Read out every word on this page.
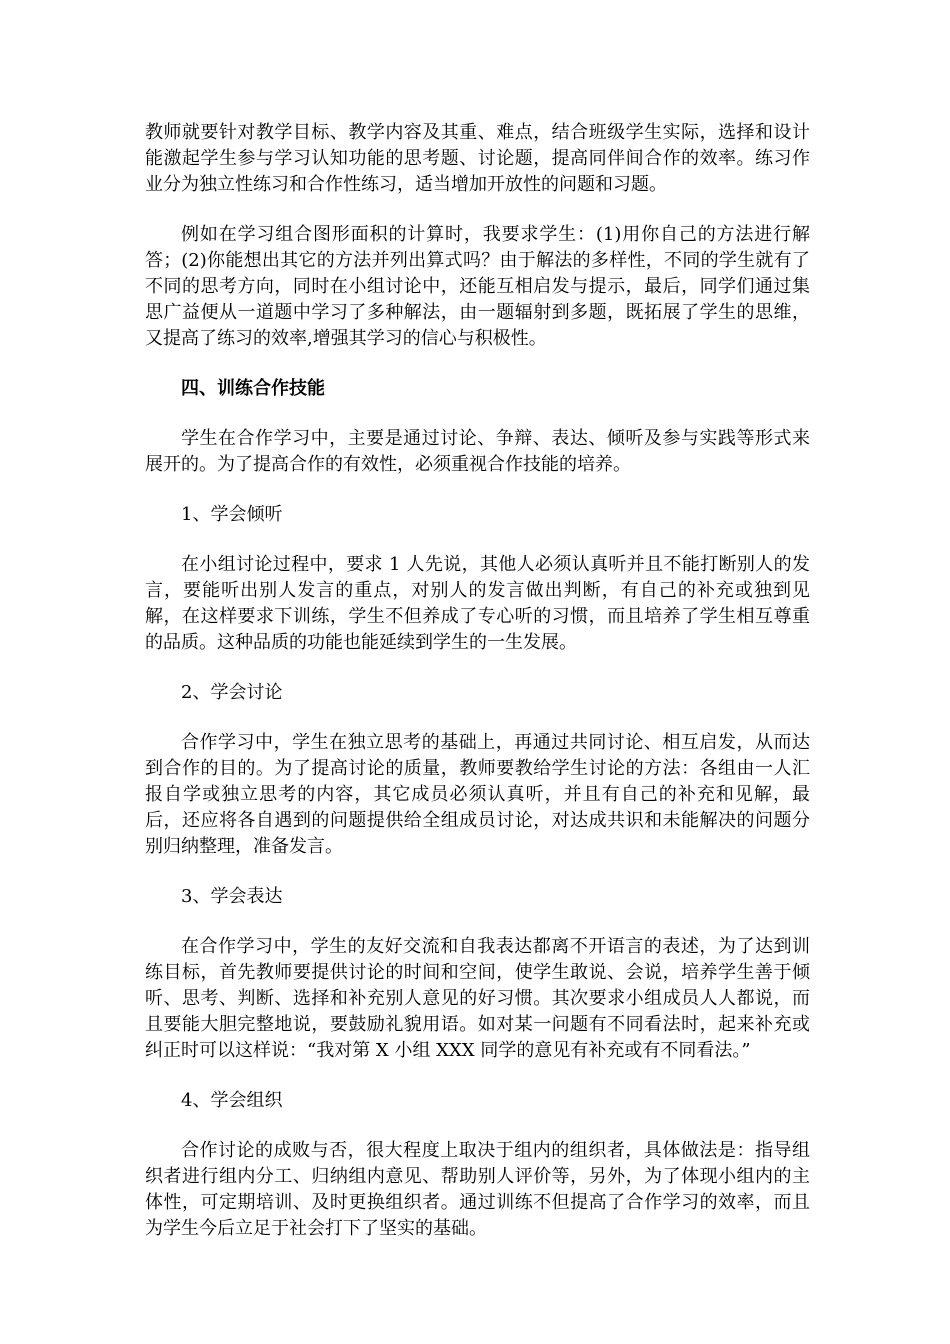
教师就要针对教学目标、教学内容及其重、难点，结合班级学生实际，选择和设计能激起学生参与学习认知功能的思考题、讨论题，提高同伴间合作的效率。练习作业分为独立性练习和合作性练习，适当增加开放性的问题和习题。

例如在学习组合图形面积的计算时，我要求学生：(1)用你自己的方法进行解答；(2)你能想出其它的方法并列出算式吗？由于解法的多样性，不同的学生就有了不同的思考方向，同时在小组讨论中，还能互相启发与提示，最后，同学们通过集思广益便从一道题中学习了多种解法，由一题辐射到多题，既拓展了学生的思维，又提高了练习的效率,增强其学习的信心与积极性。

四、训练合作技能

学生在合作学习中，主要是通过讨论、争辩、表达、倾听及参与实践等形式来展开的。为了提高合作的有效性，必须重视合作技能的培养。

1、学会倾听

在小组讨论过程中，要求 1 人先说，其他人必须认真听并且不能打断别人的发言，要能听出别人发言的重点，对别人的发言做出判断，有自己的补充或独到见解，在这样要求下训练，学生不但养成了专心听的习惯，而且培养了学生相互尊重的品质。这种品质的功能也能延续到学生的一生发展。

2、学会讨论

合作学习中，学生在独立思考的基础上，再通过共同讨论、相互启发，从而达到合作的目的。为了提高讨论的质量，教师要教给学生讨论的方法：各组由一人汇报自学或独立思考的内容，其它成员必须认真听，并且有自己的补充和见解，最后，还应将各自遇到的问题提供给全组成员讨论，对达成共识和未能解决的问题分别归纳整理，准备发言。

3、学会表达

在合作学习中，学生的友好交流和自我表达都离不开语言的表述，为了达到训练目标，首先教师要提供讨论的时间和空间，使学生敢说、会说，培养学生善于倾听、思考、判断、选择和补充别人意见的好习惯。其次要求小组成员人人都说，而且要能大胆完整地说，要鼓励礼貌用语。如对某一问题有不同看法时，起来补充或纠正时可以这样说：“我对第 X 小组 XXX 同学的意见有补充或有不同看法。”

4、学会组织

合作讨论的成败与否，很大程度上取决于组内的组织者，具体做法是：指导组织者进行组内分工、归纳组内意见、帮助别人评价等，另外，为了体现小组内的主体性，可定期培训、及时更换组织者。通过训练不但提高了合作学习的效率，而且为学生今后立足于社会打下了坚实的基础。
